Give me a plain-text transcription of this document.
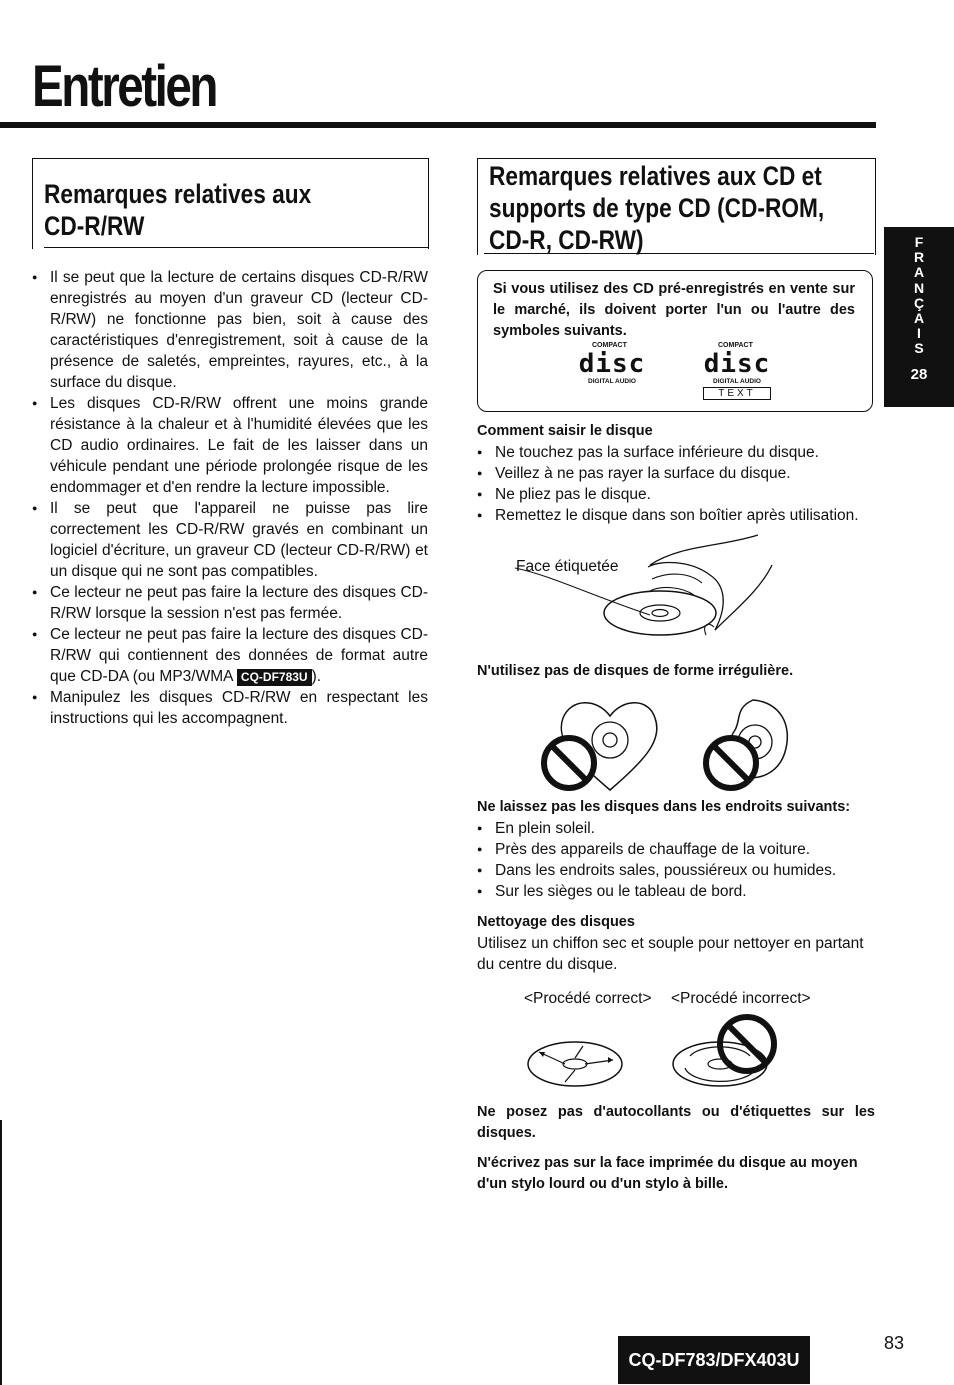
Entretien
Remarques relatives aux
CD-R/RW
● Il se peut que la lecture de certains disques CD-R/RW enregistrés au moyen d'un graveur CD (lecteur CD-R/RW) ne fonctionne pas bien, soit à cause des caractéristiques d'enregistrement, soit à cause de la présence de saletés, empreintes, rayures, etc., à la surface du disque.
● Les disques CD-R/RW offrent une moins grande résistance à la chaleur et à l'humidité élevées que les CD audio ordinaires. Le fait de les laisser dans un véhicule pendant une période prolongée risque de les endommager et d'en rendre la lecture impossible.
● Il se peut que l'appareil ne puisse pas lire correctement les CD-R/RW gravés en combinant un logiciel d'écriture, un graveur CD (lecteur CD-R/RW) et un disque qui ne sont pas compatibles.
● Ce lecteur ne peut pas faire la lecture des disques CD-R/RW lorsque la session n'est pas fermée.
● Ce lecteur ne peut pas faire la lecture des disques CD-R/RW qui contiennent des données de format autre que CD-DA (ou MP3/WMA CQ-DF783U ).
● Manipulez les disques CD-R/RW en respectant les instructions qui les accompagnent.
Remarques relatives aux CD et
supports de type CD (CD-ROM,
CD-R, CD-RW)
Si vous utilisez des CD pré-enregistrés en vente sur le marché, ils doivent porter l'un ou l'autre des symboles suivants.
COMPACT
disc
DIGITAL AUDIO
COMPACT
disc
DIGITAL AUDIO
TEXT
Comment saisir le disque
● Ne touchez pas la surface inférieure du disque.
● Veillez à ne pas rayer la surface du disque.
● Ne pliez pas le disque.
● Remettez le disque dans son boîtier après utilisation.
Face étiquetée
N'utilisez pas de disques de forme irrégulière.
Ne laissez pas les disques dans les endroits suivants:
● En plein soleil.
● Près des appareils de chauffage de la voiture.
● Dans les endroits sales, poussiéreux ou humides.
● Sur les sièges ou le tableau de bord.
Nettoyage des disques
Utilisez un chiffon sec et souple pour nettoyer en partant du centre du disque.
<Procédé correct> <Procédé incorrect>
Ne posez pas d'autocollants ou d'étiquettes sur les disques.
N'écrivez pas sur la face imprimée du disque au moyen d'un stylo lourd ou d'un stylo à bille.
F
R
A
N
Ç
A
I
S
28
CQ-DF783/DFX403U
83
